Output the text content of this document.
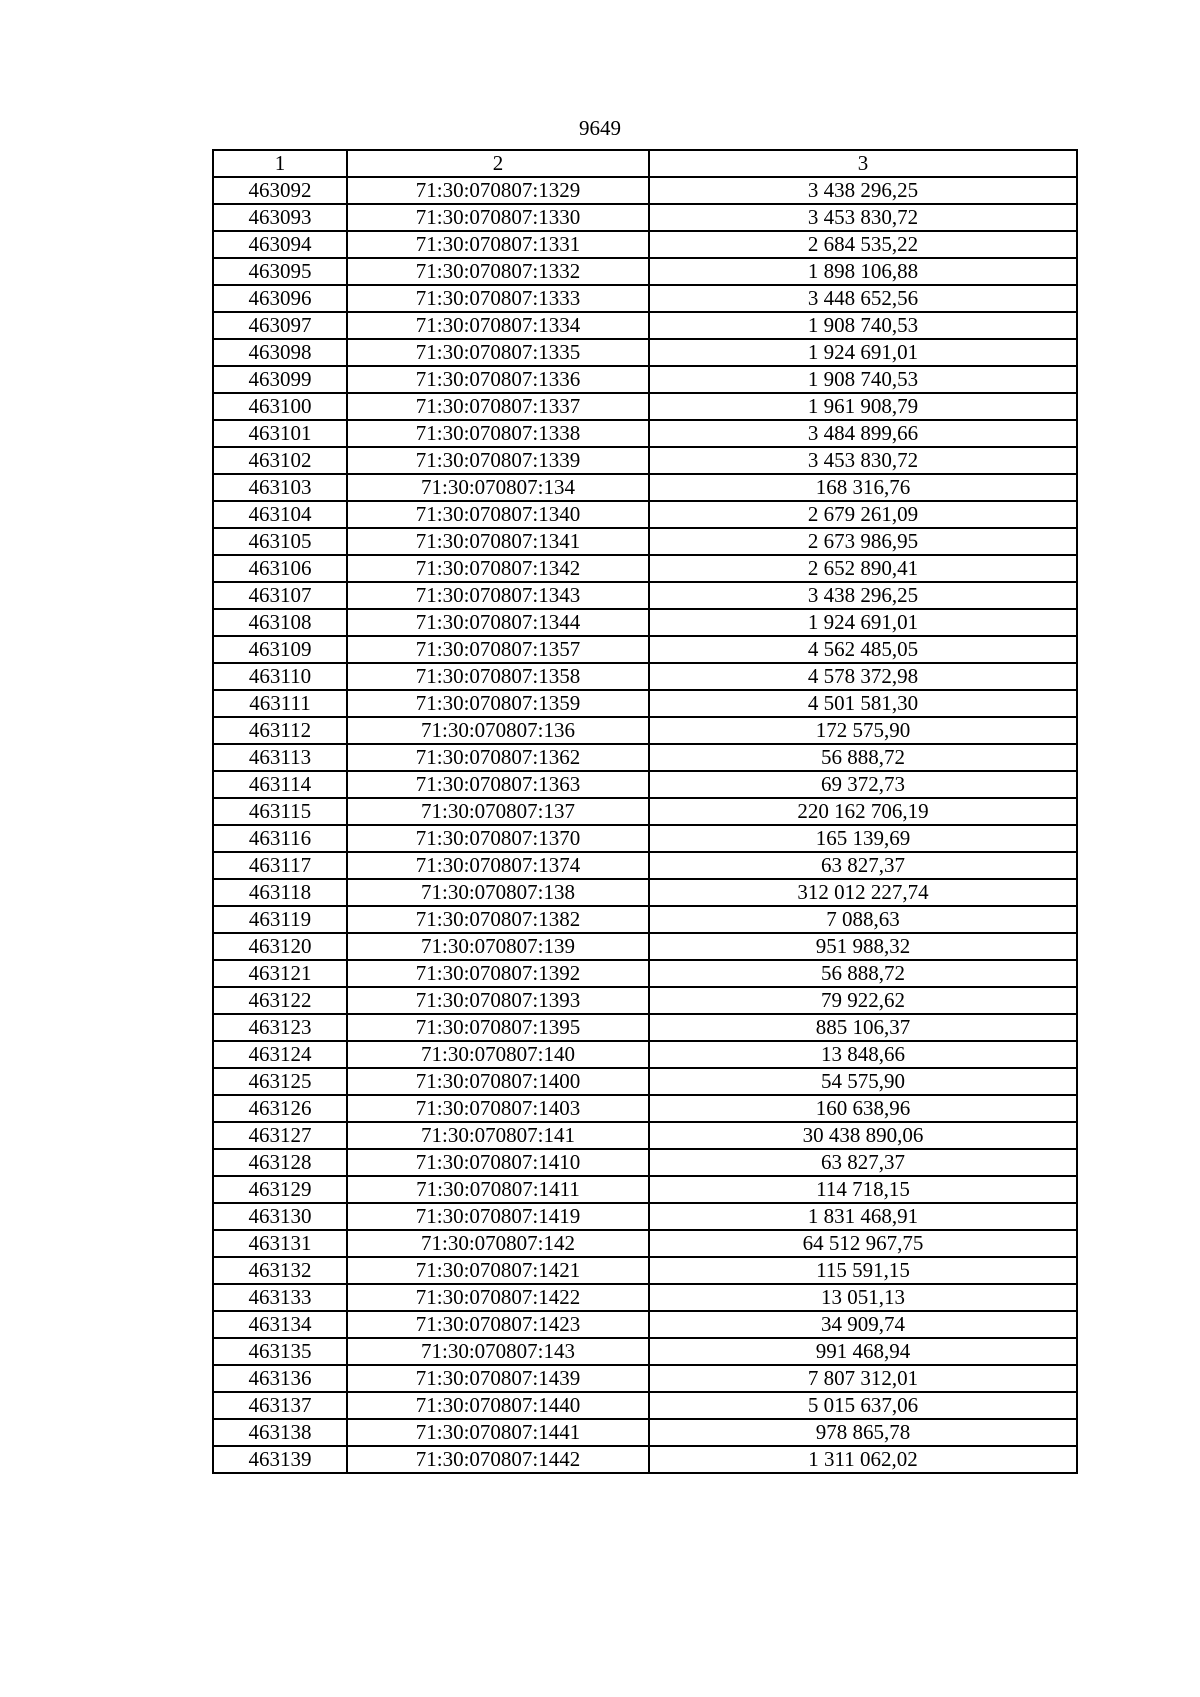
9649
1	2	3
463092	71:30:070807:1329	3 438 296,25
463093	71:30:070807:1330	3 453 830,72
463094	71:30:070807:1331	2 684 535,22
463095	71:30:070807:1332	1 898 106,88
463096	71:30:070807:1333	3 448 652,56
463097	71:30:070807:1334	1 908 740,53
463098	71:30:070807:1335	1 924 691,01
463099	71:30:070807:1336	1 908 740,53
463100	71:30:070807:1337	1 961 908,79
463101	71:30:070807:1338	3 484 899,66
463102	71:30:070807:1339	3 453 830,72
463103	71:30:070807:134	168 316,76
463104	71:30:070807:1340	2 679 261,09
463105	71:30:070807:1341	2 673 986,95
463106	71:30:070807:1342	2 652 890,41
463107	71:30:070807:1343	3 438 296,25
463108	71:30:070807:1344	1 924 691,01
463109	71:30:070807:1357	4 562 485,05
463110	71:30:070807:1358	4 578 372,98
463111	71:30:070807:1359	4 501 581,30
463112	71:30:070807:136	172 575,90
463113	71:30:070807:1362	56 888,72
463114	71:30:070807:1363	69 372,73
463115	71:30:070807:137	220 162 706,19
463116	71:30:070807:1370	165 139,69
463117	71:30:070807:1374	63 827,37
463118	71:30:070807:138	312 012 227,74
463119	71:30:070807:1382	7 088,63
463120	71:30:070807:139	951 988,32
463121	71:30:070807:1392	56 888,72
463122	71:30:070807:1393	79 922,62
463123	71:30:070807:1395	885 106,37
463124	71:30:070807:140	13 848,66
463125	71:30:070807:1400	54 575,90
463126	71:30:070807:1403	160 638,96
463127	71:30:070807:141	30 438 890,06
463128	71:30:070807:1410	63 827,37
463129	71:30:070807:1411	114 718,15
463130	71:30:070807:1419	1 831 468,91
463131	71:30:070807:142	64 512 967,75
463132	71:30:070807:1421	115 591,15
463133	71:30:070807:1422	13 051,13
463134	71:30:070807:1423	34 909,74
463135	71:30:070807:143	991 468,94
463136	71:30:070807:1439	7 807 312,01
463137	71:30:070807:1440	5 015 637,06
463138	71:30:070807:1441	978 865,78
463139	71:30:070807:1442	1 311 062,02
